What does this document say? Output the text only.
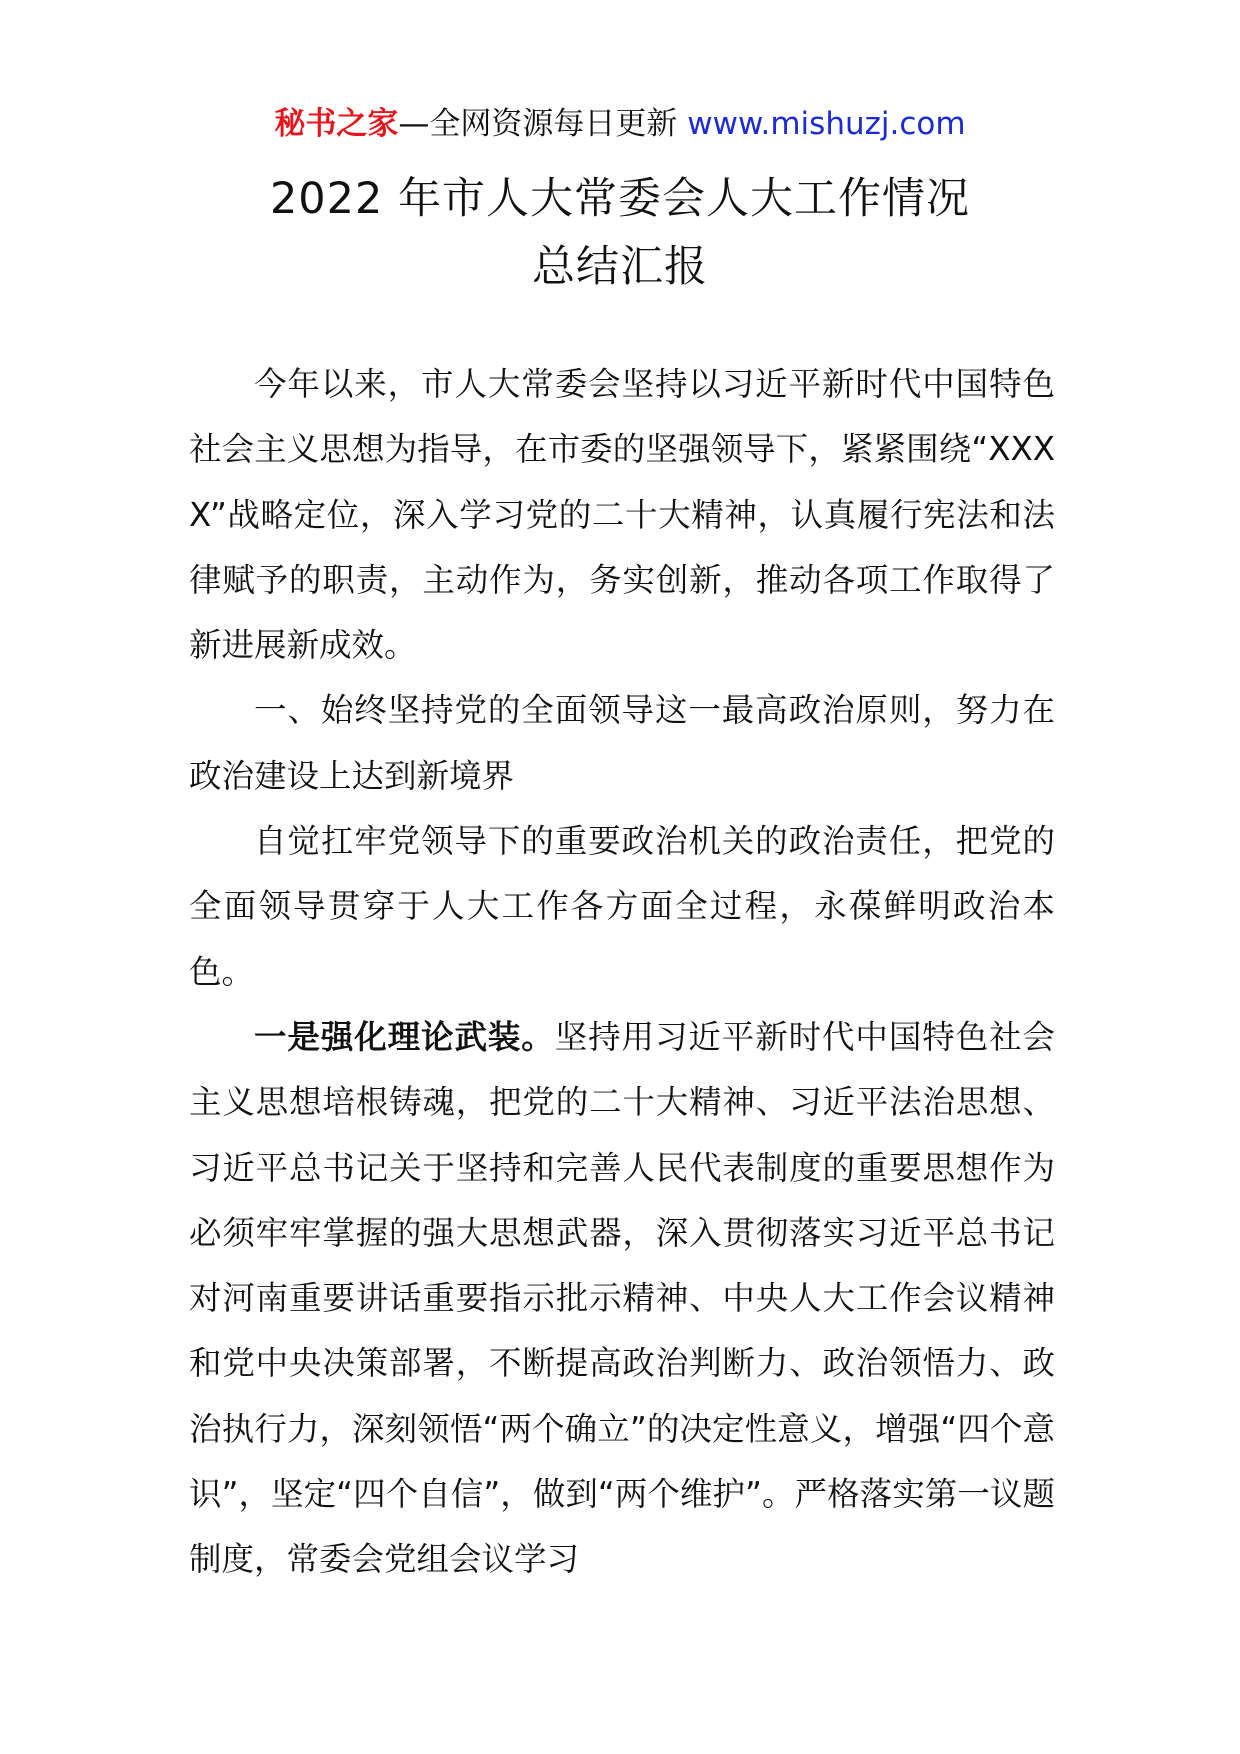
秘书之家—全网资源每日更新 www.mishuzj.com
2022 年市人大常委会人大工作情况
总结汇报

今年以来，市人大常委会坚持以习近平新时代中国特色社会主义思想为指导，在市委的坚强领导下，紧紧围绕“XXXX”战略定位，深入学习党的二十大精神，认真履行宪法和法律赋予的职责，主动作为，务实创新，推动各项工作取得了新进展新成效。

一、始终坚持党的全面领导这一最高政治原则，努力在政治建设上达到新境界

自觉扛牢党领导下的重要政治机关的政治责任，把党的全面领导贯穿于人大工作各方面全过程，永葆鲜明政治本色。

一是强化理论武装。坚持用习近平新时代中国特色社会主义思想培根铸魂，把党的二十大精神、习近平法治思想、习近平总书记关于坚持和完善人民代表制度的重要思想作为必须牢牢掌握的强大思想武器，深入贯彻落实习近平总书记对河南重要讲话重要指示批示精神、中央人大工作会议精神和党中央决策部署，不断提高政治判断力、政治领悟力、政治执行力，深刻领悟“两个确立”的决定性意义，增强“四个意识”，坚定“四个自信”，做到“两个维护”。严格落实第一议题制度，常委会党组会议学习
